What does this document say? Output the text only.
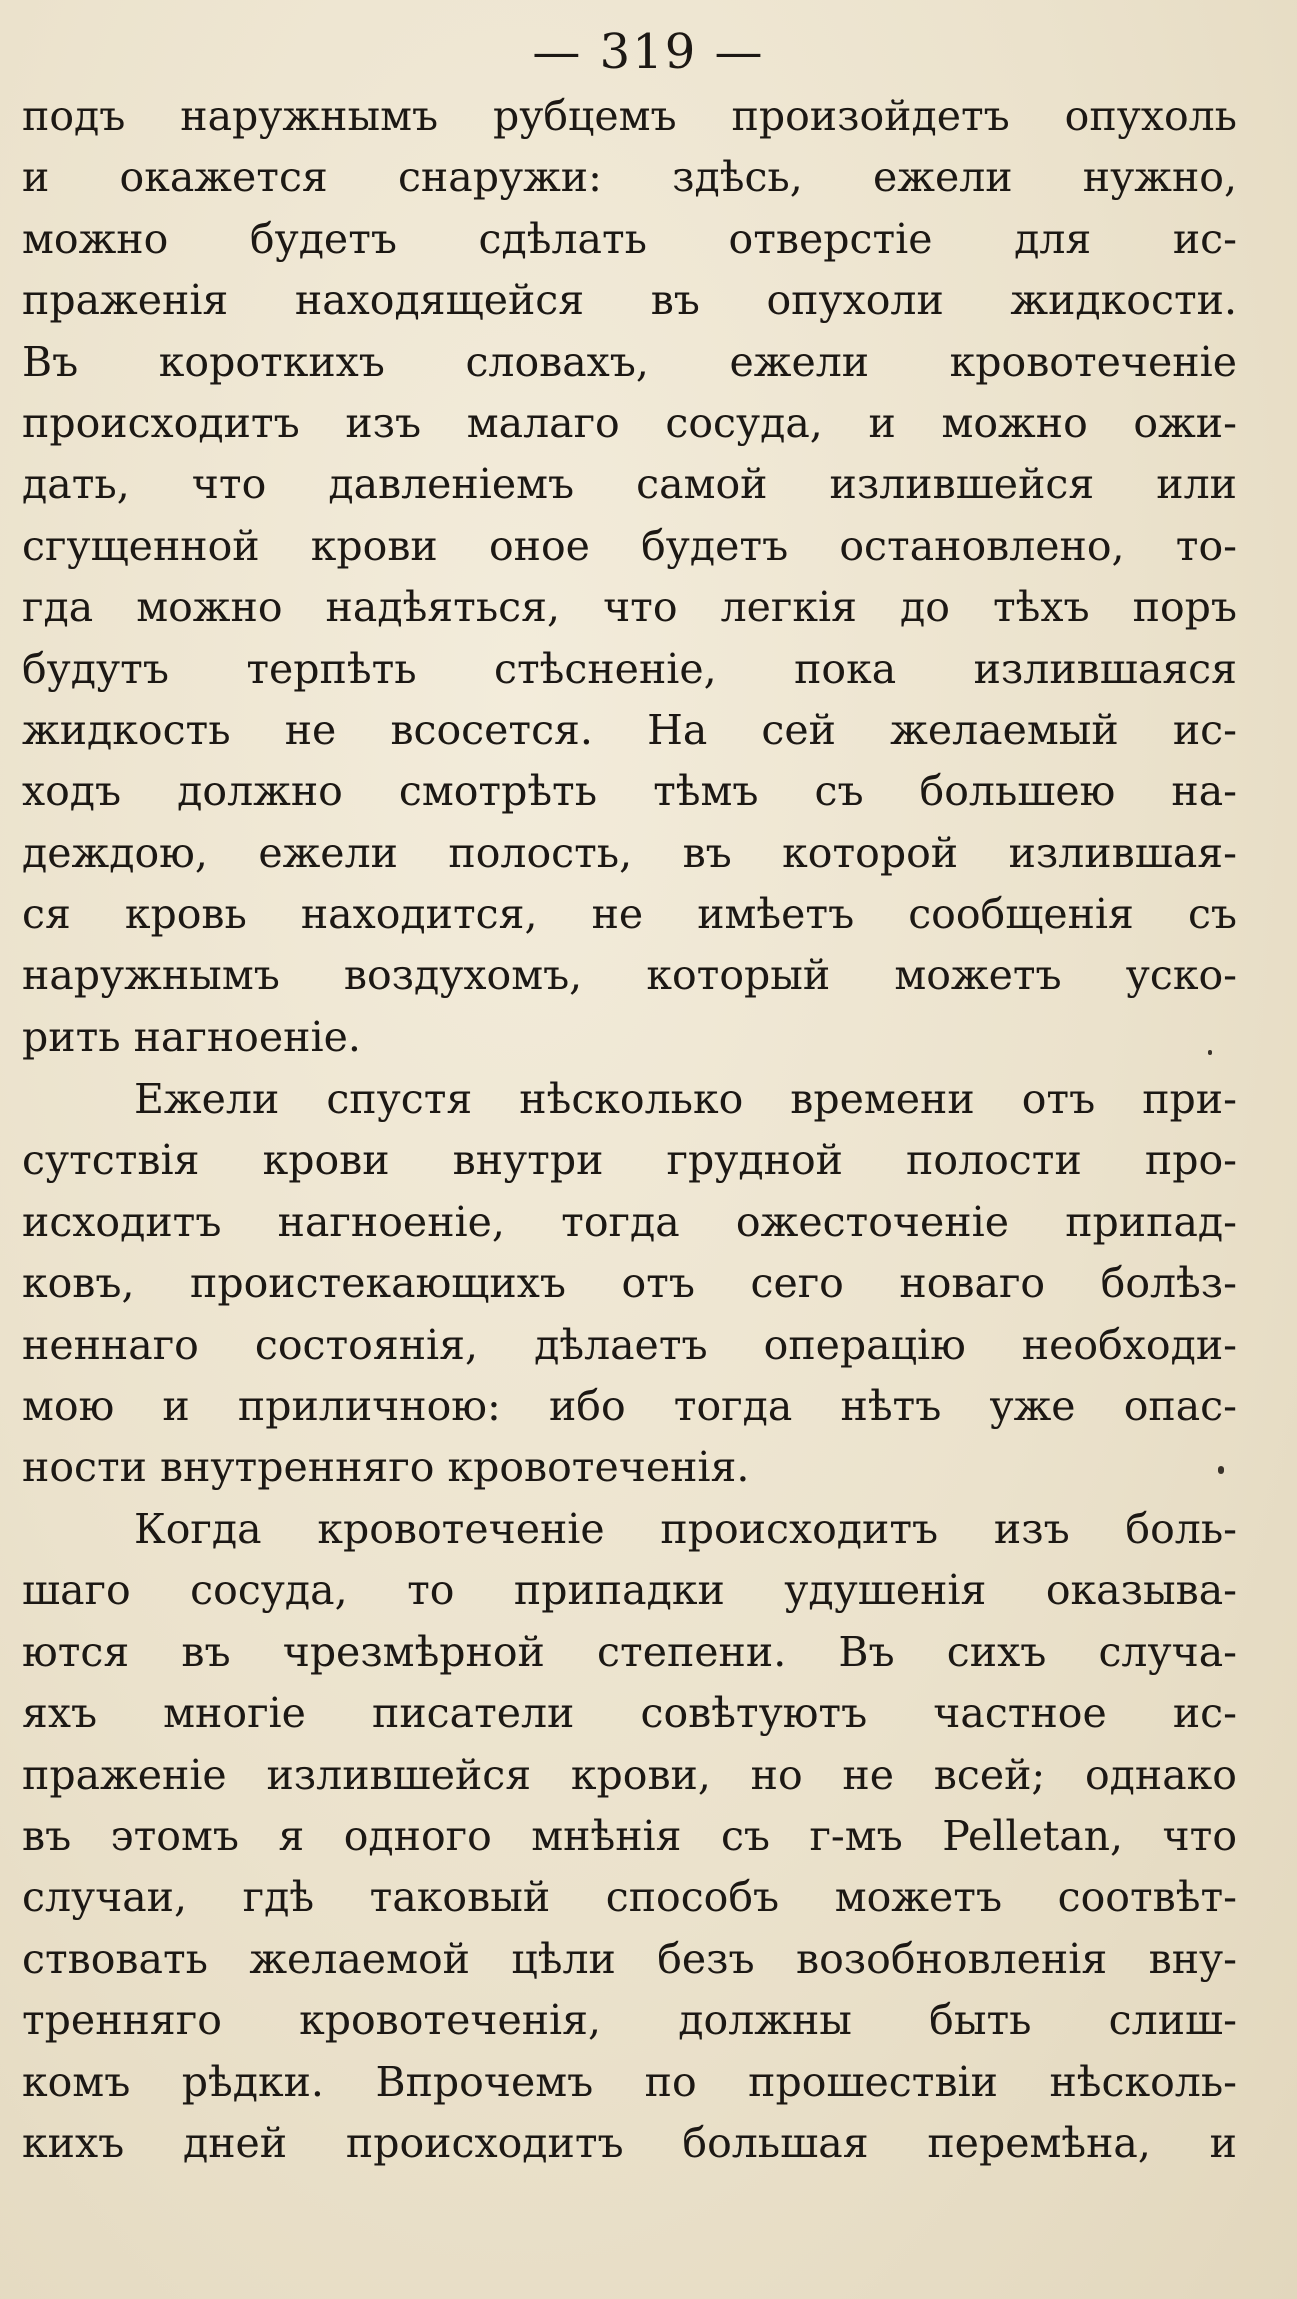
— 319 —
подъ наружнымъ рубцемъ произойдетъ опухоль
и окажется снаружи: здѣсь, ежели нужно,
можно будетъ сдѣлать отверстіе для ис-
праженія находящейся въ опухоли жидкости.
Въ короткихъ словахъ, ежели кровотеченіе
происходитъ изъ малаго сосуда, и можно ожи-
дать, что давленіемъ самой излившейся или
сгущенной крови оное будетъ остановлено, то-
гда можно надѣяться, что легкія до тѣхъ поръ
будутъ терпѣть стѣсненіе, пока излившаяся
жидкость не всосется. На сей желаемый ис-
ходъ должно смотрѣть тѣмъ съ большею на-
деждою, ежели полость, въ которой излившая-
ся кровь находится, не имѣетъ сообщенія съ
наружнымъ воздухомъ, который можетъ уско-
рить нагноеніе.
Ежели спустя нѣсколько времени отъ при-
сутствія крови внутри грудной полости про-
исходитъ нагноеніе, тогда ожесточеніе припад-
ковъ, проистекающихъ отъ сего новаго болѣз-
неннаго состоянія, дѣлаетъ операцію необходи-
мою и приличною: ибо тогда нѣтъ уже опас-
ности внутренняго кровотеченія.
Когда кровотеченіе происходитъ изъ боль-
шаго сосуда, то припадки удушенія оказыва-
ются въ чрезмѣрной степени. Въ сихъ случа-
яхъ многіе писатели совѣтуютъ частное ис-
праженіе излившейся крови, но не всей; однако
въ этомъ я одного мнѣнія съ г-мъ Pelletan, что
случаи, гдѣ таковый способъ можетъ соотвѣт-
ствовать желаемой цѣли безъ возобновленія вну-
тренняго кровотеченія, должны быть слиш-
комъ рѣдки. Впрочемъ по прошествіи нѣсколь-
кихъ дней происходитъ большая перемѣна, и
